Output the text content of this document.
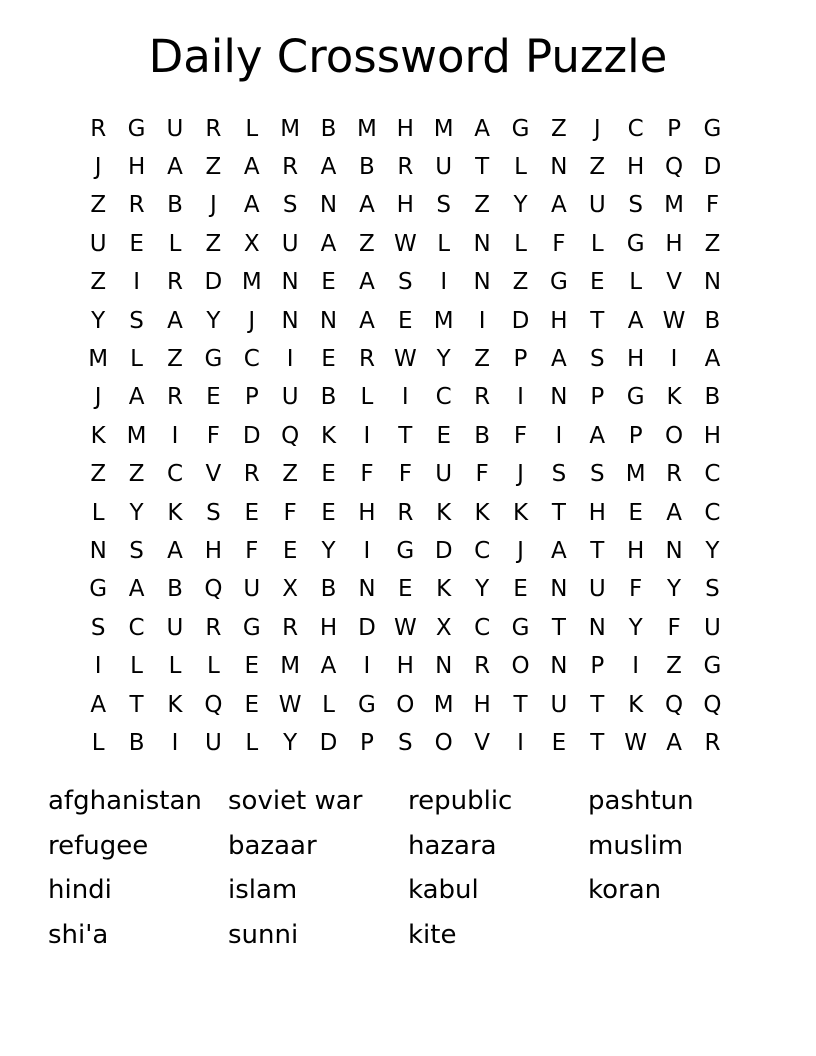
Daily Crossword Puzzle
R G U R	L M B M H M A G Z	J	C	P G
J	H A Z A R A B R U T	L	N Z H Q D
Z R B	J	A	S N A H S	Z	Y	A U S M F
U E	L	Z X U A Z W L	N	L	F	L	G H Z
Z	I	R D M N E	A	S	I	N Z G E	L	V N
Y	S	A	Y	J	N N A	E M	I	D H T	A W B
M L	Z G C	I	E	R W Y	Z	P	A	S H	I	A
J	A R	E	P	U B	L	I	C R	I	N P G K B
K M	I	F D Q K	I	T	E	B	F	I	A	P O H
Z Z C V R Z	E	F	F	U	F	J	S	S M R C
L	Y	K	S	E	F	E H R K	K	K	T H E	A C
N S	A H	F	E	Y	I	G D C	J	A	T H N Y
G A B Q U X B N E	K	Y	E N U	F	Y	S
S	C U R G R H D W X C G T N Y	F	U
I	L	L	L	E M A	I	H N R O N P	I	Z G
A	T	K Q E W L	G O M H T U T	K Q Q
L	B	I	U	L	Y D P	S O V	I	E	T W A R
afghanistan	soviet war	republic	pashtun
refugee	bazaar	hazara	muslim
hindi	islam	kabul	koran
shi'a	sunni	kite
